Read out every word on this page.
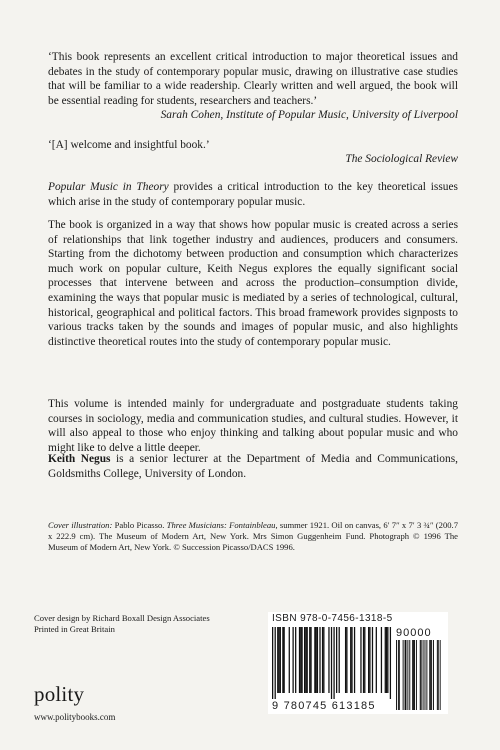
‘This book represents an excellent critical introduction to major theoretical issues and debates in the study of contemporary popular music, drawing on illustrative case studies that will be familiar to a wide readership. Clearly written and well argued, the book will be essential reading for students, researchers and teachers.’
Sarah Cohen, Institute of Popular Music, University of Liverpool
‘[A] welcome and insightful book.’
The Sociological Review
Popular Music in Theory provides a critical introduction to the key theoretical issues which arise in the study of contemporary popular music.
The book is organized in a way that shows how popular music is created across a series of relationships that link together industry and audiences, producers and consumers. Starting from the dichotomy between production and consumption which characterizes much work on popular culture, Keith Negus explores the equally significant social processes that intervene between and across the production–consumption divide, examining the ways that popular music is mediated by a series of technological, cultural, historical, geographical and political factors. This broad framework provides signposts to various tracks taken by the sounds and images of popular music, and also highlights distinctive theoretical routes into the study of contemporary popular music.
This volume is intended mainly for undergraduate and postgraduate students taking courses in sociology, media and communication studies, and cultural studies. However, it will also appeal to those who enjoy thinking and talking about popular music and who might like to delve a little deeper.
Keith Negus is a senior lecturer at the Department of Media and Communications, Goldsmiths College, University of London.
Cover illustration: Pablo Picasso. Three Musicians: Fontainbleau, summer 1921. Oil on canvas, 6′ 7″ x 7′ 3 ¾″ (200.7 x 222.9 cm). The Museum of Modern Art, New York. Mrs Simon Guggenheim Fund. Photograph © 1996 The Museum of Modern Art, New York. © Succession Picasso/DACS 1996.
Cover design by Richard Boxall Design Associates
Printed in Great Britain
polity
www.politybooks.com
ISBN 978-0-7456-1318-5
9 780745 613185
90000
